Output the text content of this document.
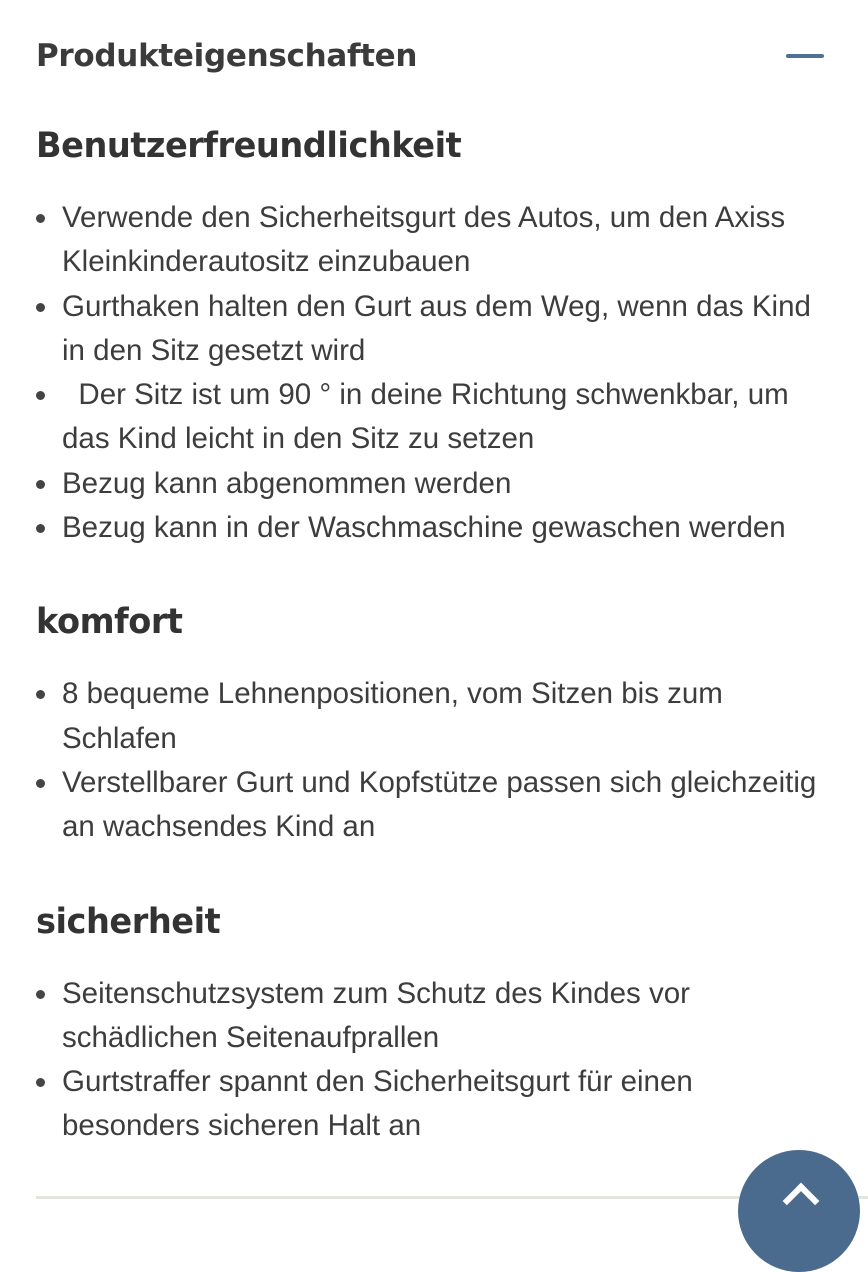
Produkteigenschaften
Benutzerfreundlichkeit
Verwende den Sicherheitsgurt des Autos, um den Axiss Kleinkinderautositz einzubauen
Gurthaken halten den Gurt aus dem Weg, wenn das Kind in den Sitz gesetzt wird
Der Sitz ist um 90 ° in deine Richtung schwenkbar, um das Kind leicht in den Sitz zu setzen
Bezug kann abgenommen werden
Bezug kann in der Waschmaschine gewaschen werden
komfort
8 bequeme Lehnenpositionen, vom Sitzen bis zum Schlafen
Verstellbarer Gurt und Kopfstütze passen sich gleichzeitig an wachsendes Kind an
sicherheit
Seitenschutzsystem zum Schutz des Kindes vor schädlichen Seitenaufprallen
Gurtstraffer spannt den Sicherheitsgurt für einen besonders sicheren Halt an
